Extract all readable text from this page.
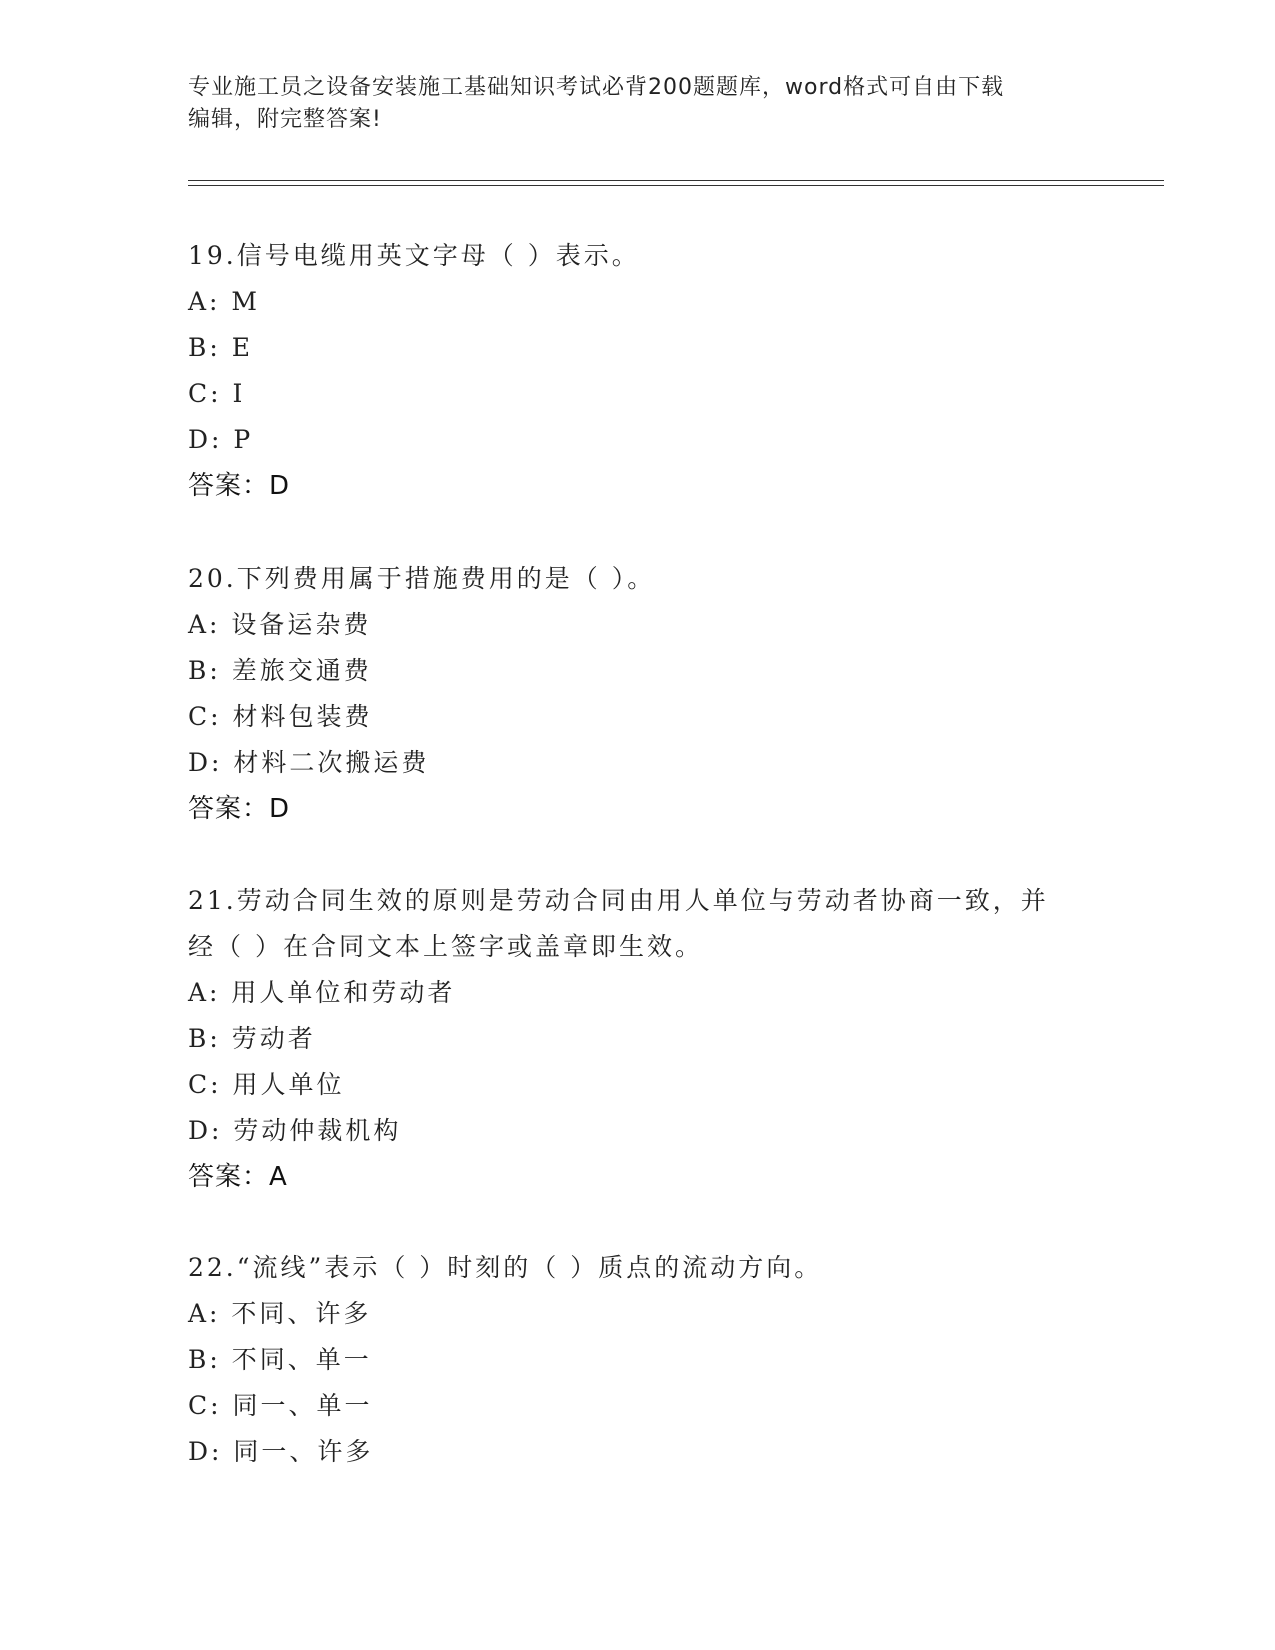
专业施工员之设备安装施工基础知识考试必背200题题库，word格式可自由下载
编辑，附完整答案!
19.信号电缆用英文字母（ ）表示。
A: M
B: E
C: I
D: P
答案：D
20.下列费用属于措施费用的是（ ）。
A: 设备运杂费
B: 差旅交通费
C: 材料包装费
D: 材料二次搬运费
答案：D
21.劳动合同生效的原则是劳动合同由用人单位与劳动者协商一致，并
经（ ）在合同文本上签字或盖章即生效。
A: 用人单位和劳动者
B: 劳动者
C: 用人单位
D: 劳动仲裁机构
答案：A
22.“流线”表示（ ）时刻的（ ）质点的流动方向。
A: 不同、许多
B: 不同、单一
C: 同一、单一
D: 同一、许多
